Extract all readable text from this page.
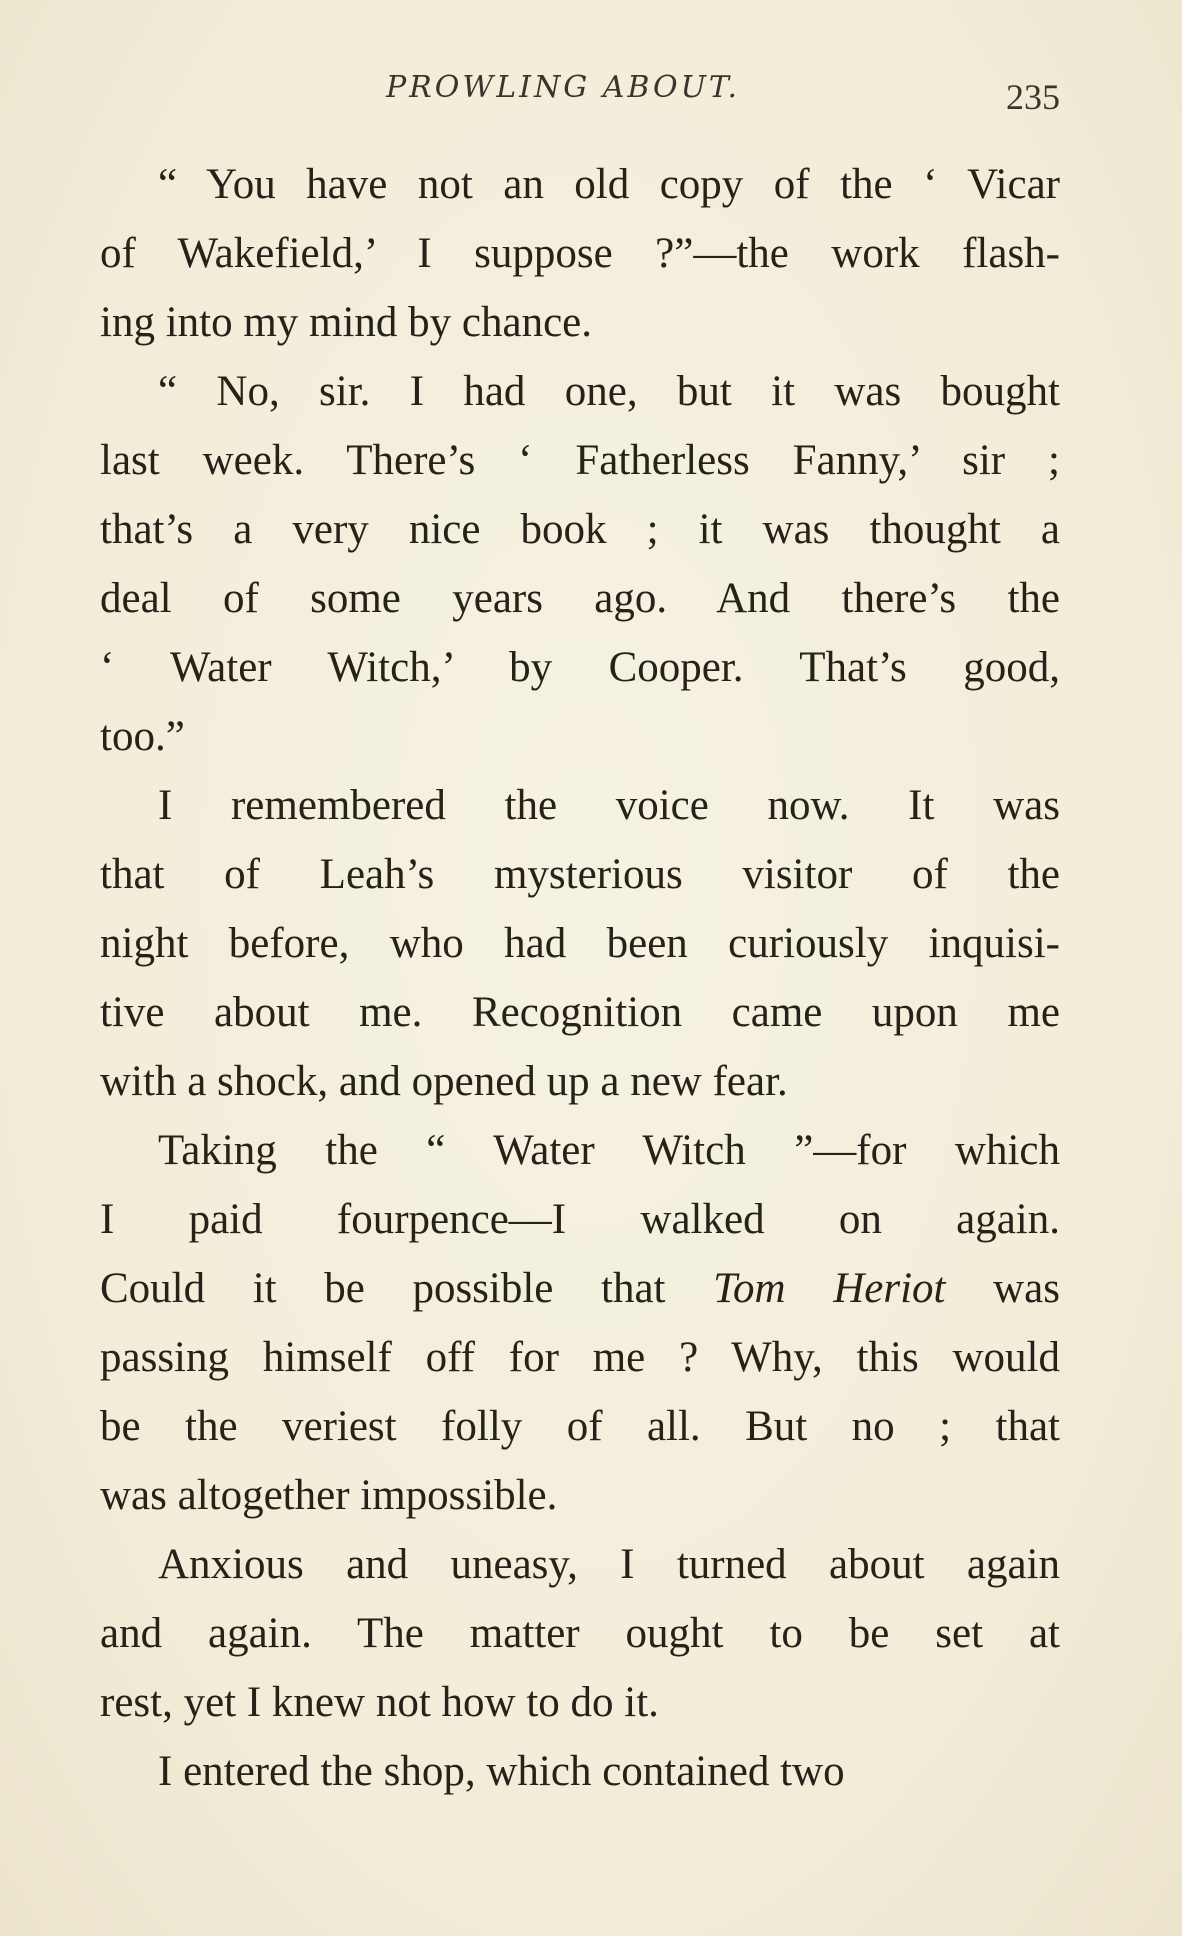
PROWLING ABOUT.	235
“ You have not an old copy of the ‘ Vicar
of Wakefield,’ I suppose ?”—the work flash-
ing into my mind by chance.
“ No, sir. I had one, but it was bought
last week. There’s ‘ Fatherless Fanny,’ sir ;
that’s a very nice book ; it was thought a
deal of some years ago. And there’s the
‘ Water Witch,’ by Cooper. That’s good,
too.”
I remembered the voice now. It was
that of Leah’s mysterious visitor of the
night before, who had been curiously inquisi-
tive about me. Recognition came upon me
with a shock, and opened up a new fear.
Taking the “ Water Witch ”—for which
I paid fourpence—I walked on again.
Could it be possible that Tom Heriot was
passing himself off for me ? Why, this would
be the veriest folly of all. But no ; that
was altogether impossible.
Anxious and uneasy, I turned about again
and again. The matter ought to be set at
rest, yet I knew not how to do it.
I entered the shop, which contained two
